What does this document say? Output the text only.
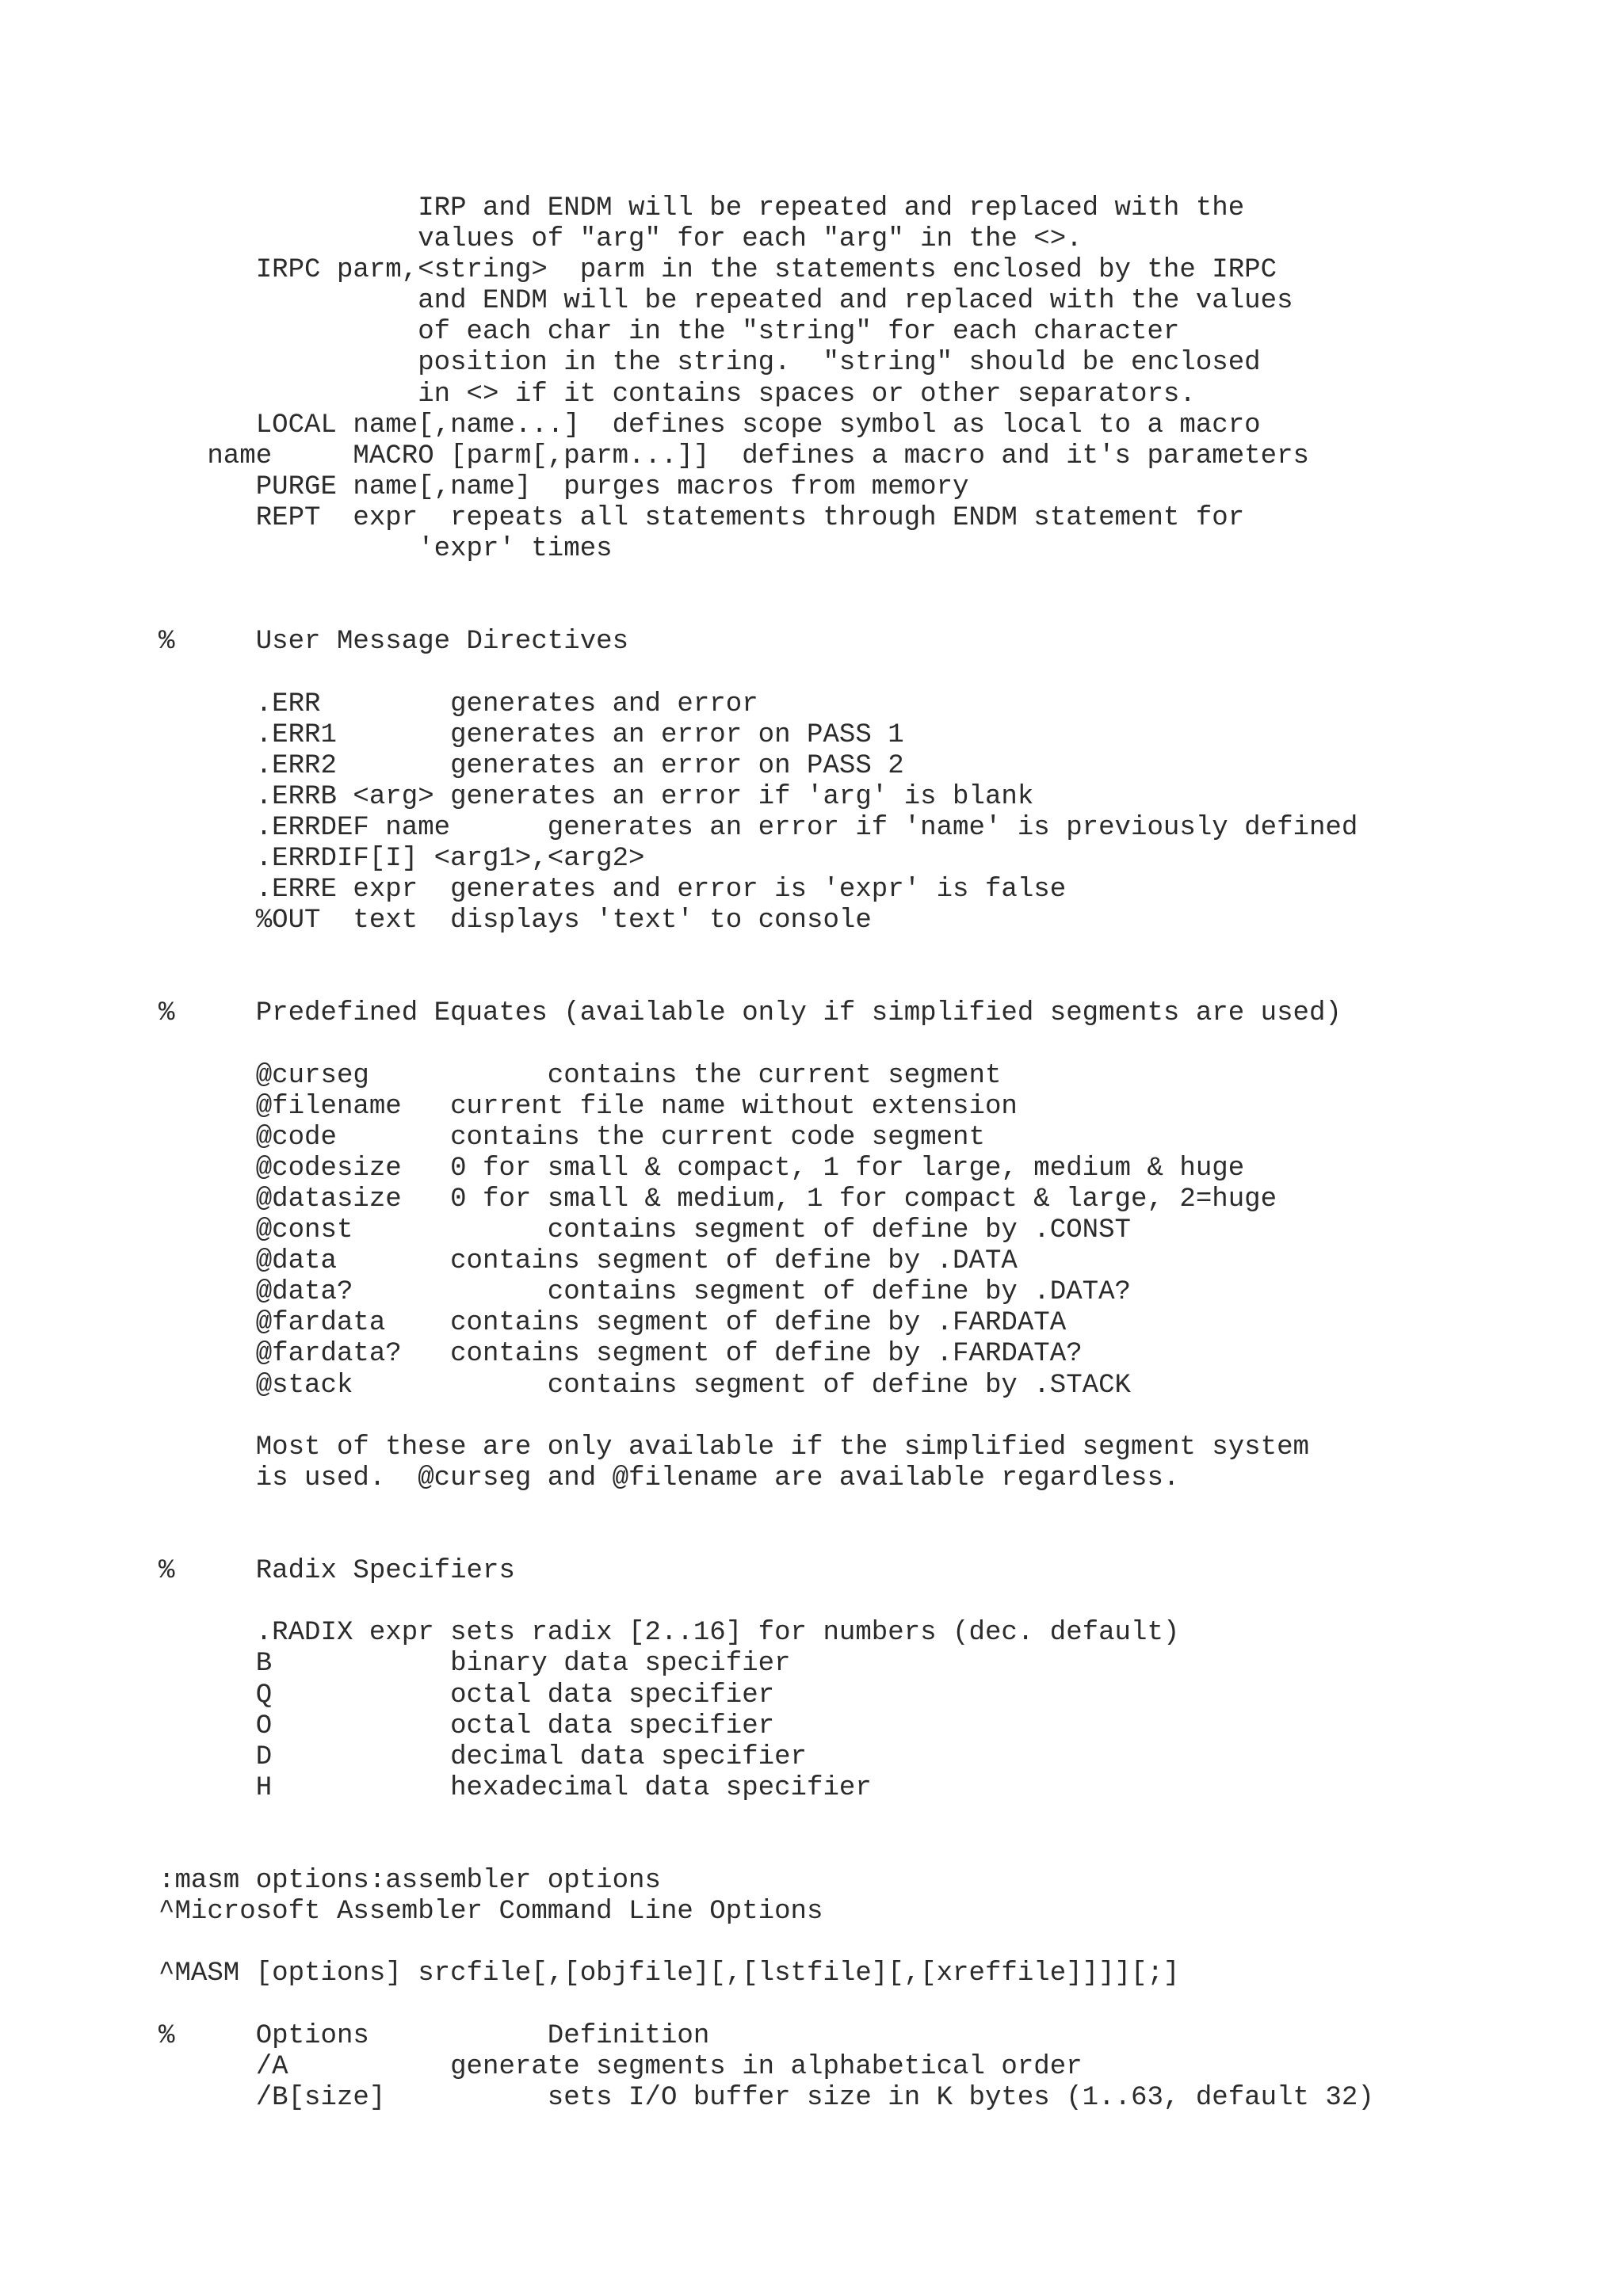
IRP and ENDM will be repeated and replaced with the
values of "arg" for each "arg" in the <>.
IRPC parm,<string>  parm in the statements enclosed by the IRPC
and ENDM will be repeated and replaced with the values
of each char in the "string" for each character
position in the string.  "string" should be enclosed
in <> if it contains spaces or other separators.
LOCAL name[,name...]  defines scope symbol as local to a macro
name     MACRO [parm[,parm...]]  defines a macro and it's parameters
PURGE name[,name]  purges macros from memory
REPT  expr  repeats all statements through ENDM statement for
'expr' times
%     User Message Directives
.ERR        generates and error
.ERR1       generates an error on PASS 1
.ERR2       generates an error on PASS 2
.ERRB <arg> generates an error if 'arg' is blank
.ERRDEF name      generates an error if 'name' is previously defined
.ERRDIF[I] <arg1>,<arg2>
.ERRE expr  generates and error is 'expr' is false
%OUT  text  displays 'text' to console
%     Predefined Equates (available only if simplified segments are used)
@curseg           contains the current segment
@filename   current file name without extension
@code       contains the current code segment
@codesize   0 for small & compact, 1 for large, medium & huge
@datasize   0 for small & medium, 1 for compact & large, 2=huge
@const            contains segment of define by .CONST
@data       contains segment of define by .DATA
@data?            contains segment of define by .DATA?
@fardata    contains segment of define by .FARDATA
@fardata?   contains segment of define by .FARDATA?
@stack            contains segment of define by .STACK
Most of these are only available if the simplified segment system
is used.  @curseg and @filename are available regardless.
%     Radix Specifiers
.RADIX expr sets radix [2..16] for numbers (dec. default)
B           binary data specifier
Q           octal data specifier
O           octal data specifier
D           decimal data specifier
H           hexadecimal data specifier
:masm options:assembler options
^Microsoft Assembler Command Line Options
^MASM [options] srcfile[,[objfile][,[lstfile][,[xreffile]]]][;]
%     Options           Definition
/A          generate segments in alphabetical order
/B[size]          sets I/O buffer size in K bytes (1..63, default 32)
